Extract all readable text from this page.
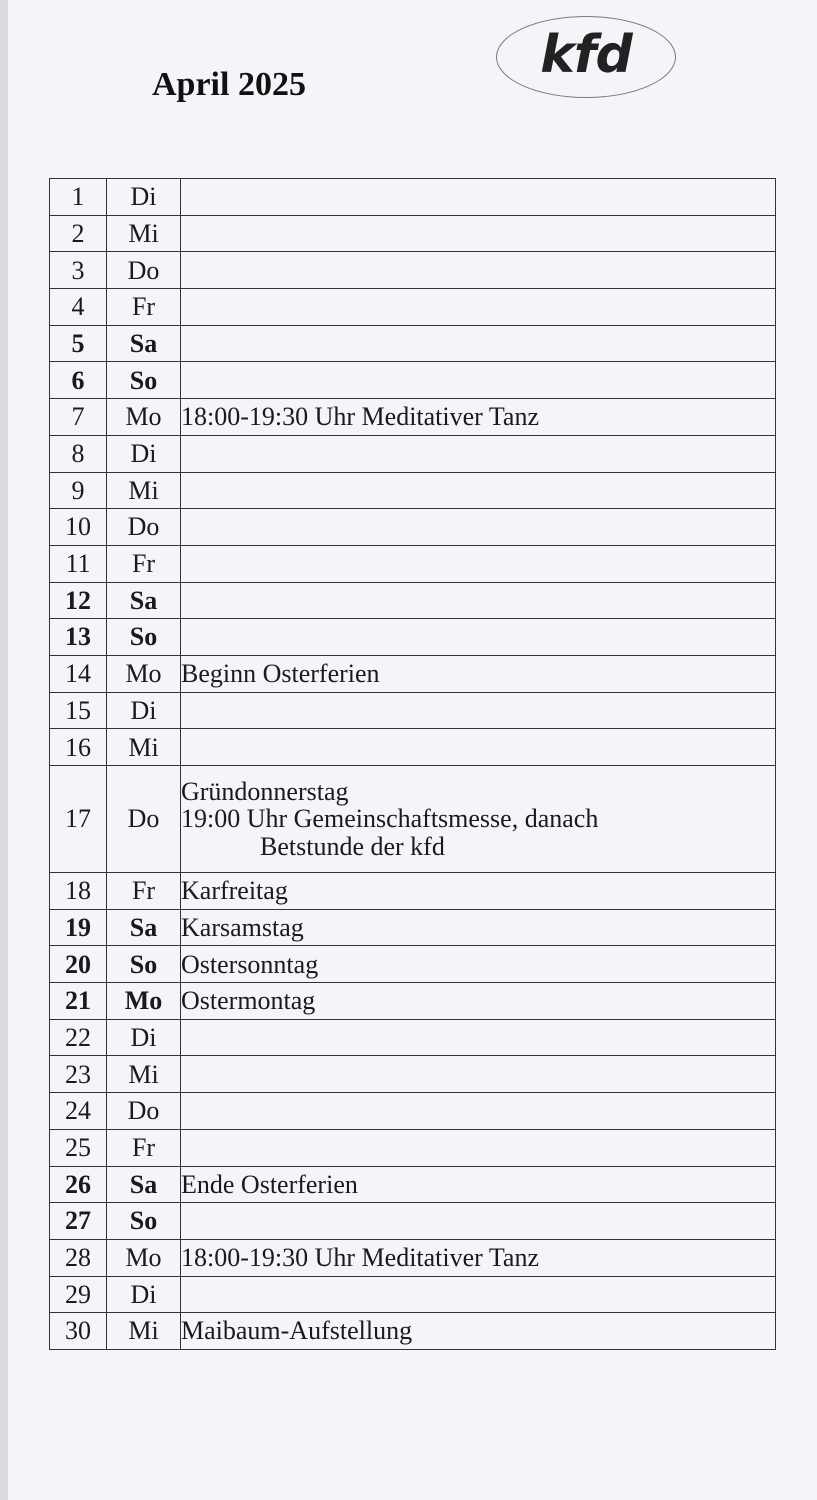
April 2025	kfd
1	Di	
2	Mi	
3	Do	
4	Fr	
5	Sa	
6	So	
7	Mo	18:00-19:30 Uhr Meditativer Tanz

8	Di	
9	Mi	
10	Do	
11	Fr	
12	Sa	
13	So	
14	Mo	Beginn Osterferien

15	Di	
16	Mi	
17	Do	Gründonnerstag
19:00 Uhr Gemeinschaftsmesse, danach
Betstunde der kfd

18	Fr	Karfreitag

19	Sa	Karsamstag

20	So	Ostersonntag

21	Mo	Ostermontag

22	Di	
23	Mi	
24	Do	
25	Fr	
26	Sa	Ende Osterferien

27	So	
28	Mo	18:00-19:30 Uhr Meditativer Tanz

29	Di	
30	Mi	Maibaum-Aufstellung
